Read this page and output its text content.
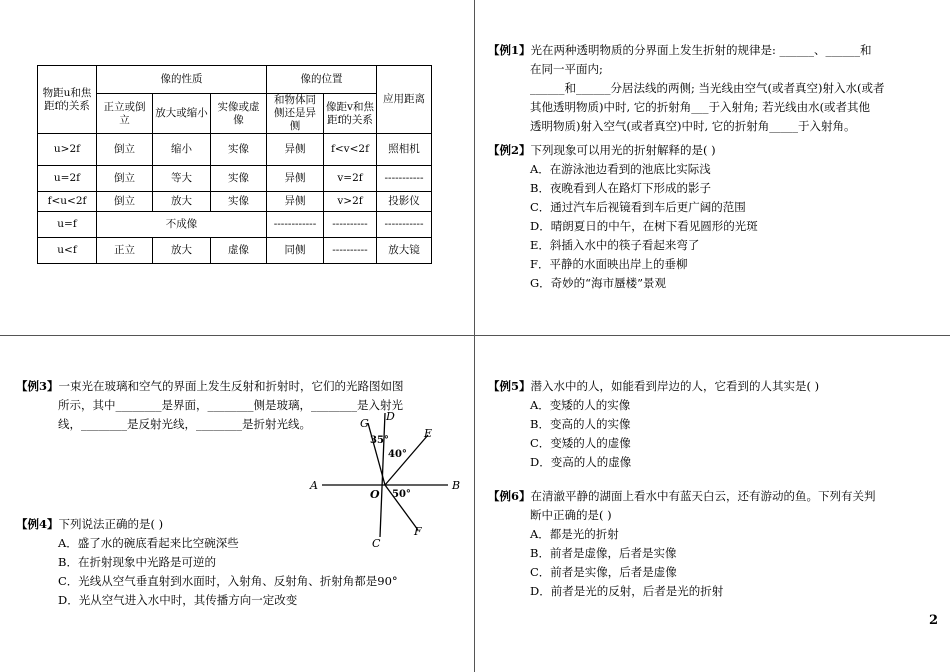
物距u和焦距f的关系	像的性质			像的位置		应用距离
	正立或倒立	放大或缩小	实像或虚像	和物体同侧还是异侧	像距v和焦距f的关系	
u>2f	倒立	缩小	实像	异侧	f<v<2f	照相机
u=2f	倒立	等大	实像	异侧	v=2f	-----------
f<u<2f	倒立	放大	实像	异侧	v>2f	投影仪
u=f	不成像			------------	----------	-----------
u<f	正立	放大	虚像	同侧	----------	放大镜
【例1】光在两种透明物质的分界面上发生折射的规律是: ______、______和
在同一平面内;
______和______分居法线的两侧; 当光线由空气(或者真空)射入水(或者
其他透明物质)中时, 它的折射角___于入射角; 若光线由水(或者其他
透明物质)射入空气(或者真空)中时, 它的折射角_____于入射角。
【例2】下列现象可以用光的折射解释的是( )
A．在游泳池边看到的池底比实际浅
B．夜晚看到人在路灯下形成的影子
C．通过汽车后视镜看到车后更广阔的范围
D．晴朗夏日的中午，在树下看见圆形的光斑
E．斜插入水中的筷子看起来弯了
F．平静的水面映出岸上的垂柳
G．奇妙的“海市蜃楼”景观
【例3】一束光在玻璃和空气的界面上发生反射和折射时，它们的光路图如图
所示，其中________是界面，________侧是玻璃，________是入射光
线，________是反射光线，________是折射光线。	G
D
E
A	B
O
C
F
35°
40°
50°
【例4】下列说法正确的是( )
A．盛了水的碗底看起来比空碗深些
B．在折射现象中光路是可逆的
C．光线从空气垂直射到水面时，入射角、反射角、折射角都是90°
D．光从空气进入水中时，其传播方向一定改变
【例5】潜入水中的人，如能看到岸边的人，它看到的人其实是( )
A．变矮的人的实像
B．变高的人的实像
C．变矮的人的虚像
D．变高的人的虚像
【例6】在清澈平静的湖面上看水中有蓝天白云，还有游动的鱼。下列有关判
断中正确的是( )
A．都是光的折射
B．前者是虚像，后者是实像
C．前者是实像，后者是虚像
D．前者是光的反射，后者是光的折射
2
